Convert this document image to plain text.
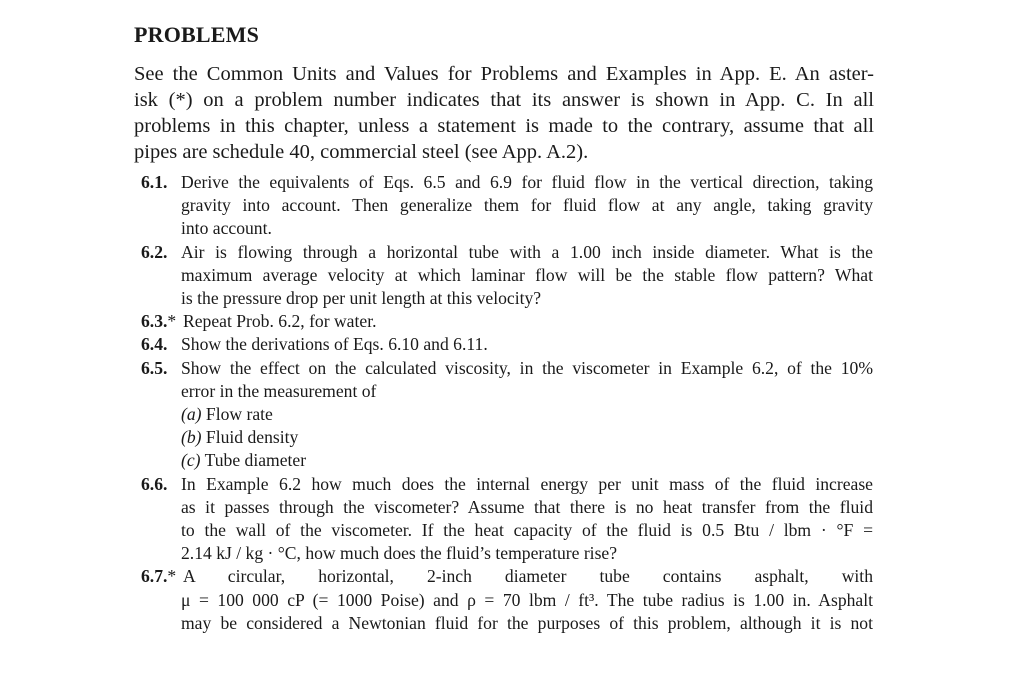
PROBLEMS
See the Common Units and Values for Problems and Examples in App. E. An aster-
isk (*) on a problem number indicates that its answer is shown in App. C. In all
problems in this chapter, unless a statement is made to the contrary, assume that all
pipes are schedule 40, commercial steel (see App. A.2).
6.1. Derive the equivalents of Eqs. 6.5 and 6.9 for fluid flow in the vertical direction, taking
gravity into account. Then generalize them for fluid flow at any angle, taking gravity
into account.
6.2. Air is flowing through a horizontal tube with a 1.00 inch inside diameter. What is the
maximum average velocity at which laminar flow will be the stable flow pattern? What
is the pressure drop per unit length at this velocity?
6.3.* Repeat Prob. 6.2, for water.
6.4. Show the derivations of Eqs. 6.10 and 6.11.
6.5. Show the effect on the calculated viscosity, in the viscometer in Example 6.2, of the 10%
error in the measurement of
(a) Flow rate
(b) Fluid density
(c) Tube diameter
6.6. In Example 6.2 how much does the internal energy per unit mass of the fluid increase
as it passes through the viscometer? Assume that there is no heat transfer from the fluid
to the wall of the viscometer. If the heat capacity of the fluid is 0.5 Btu / lbm · °F =
2.14 kJ / kg · °C, how much does the fluid’s temperature rise?
6.7.* A circular, horizontal, 2-inch diameter tube contains asphalt, with
μ = 100 000 cP (= 1000 Poise) and ρ = 70 lbm / ft³. The tube radius is 1.00 in. Asphalt
may be considered a Newtonian fluid for the purposes of this problem, although it is not
